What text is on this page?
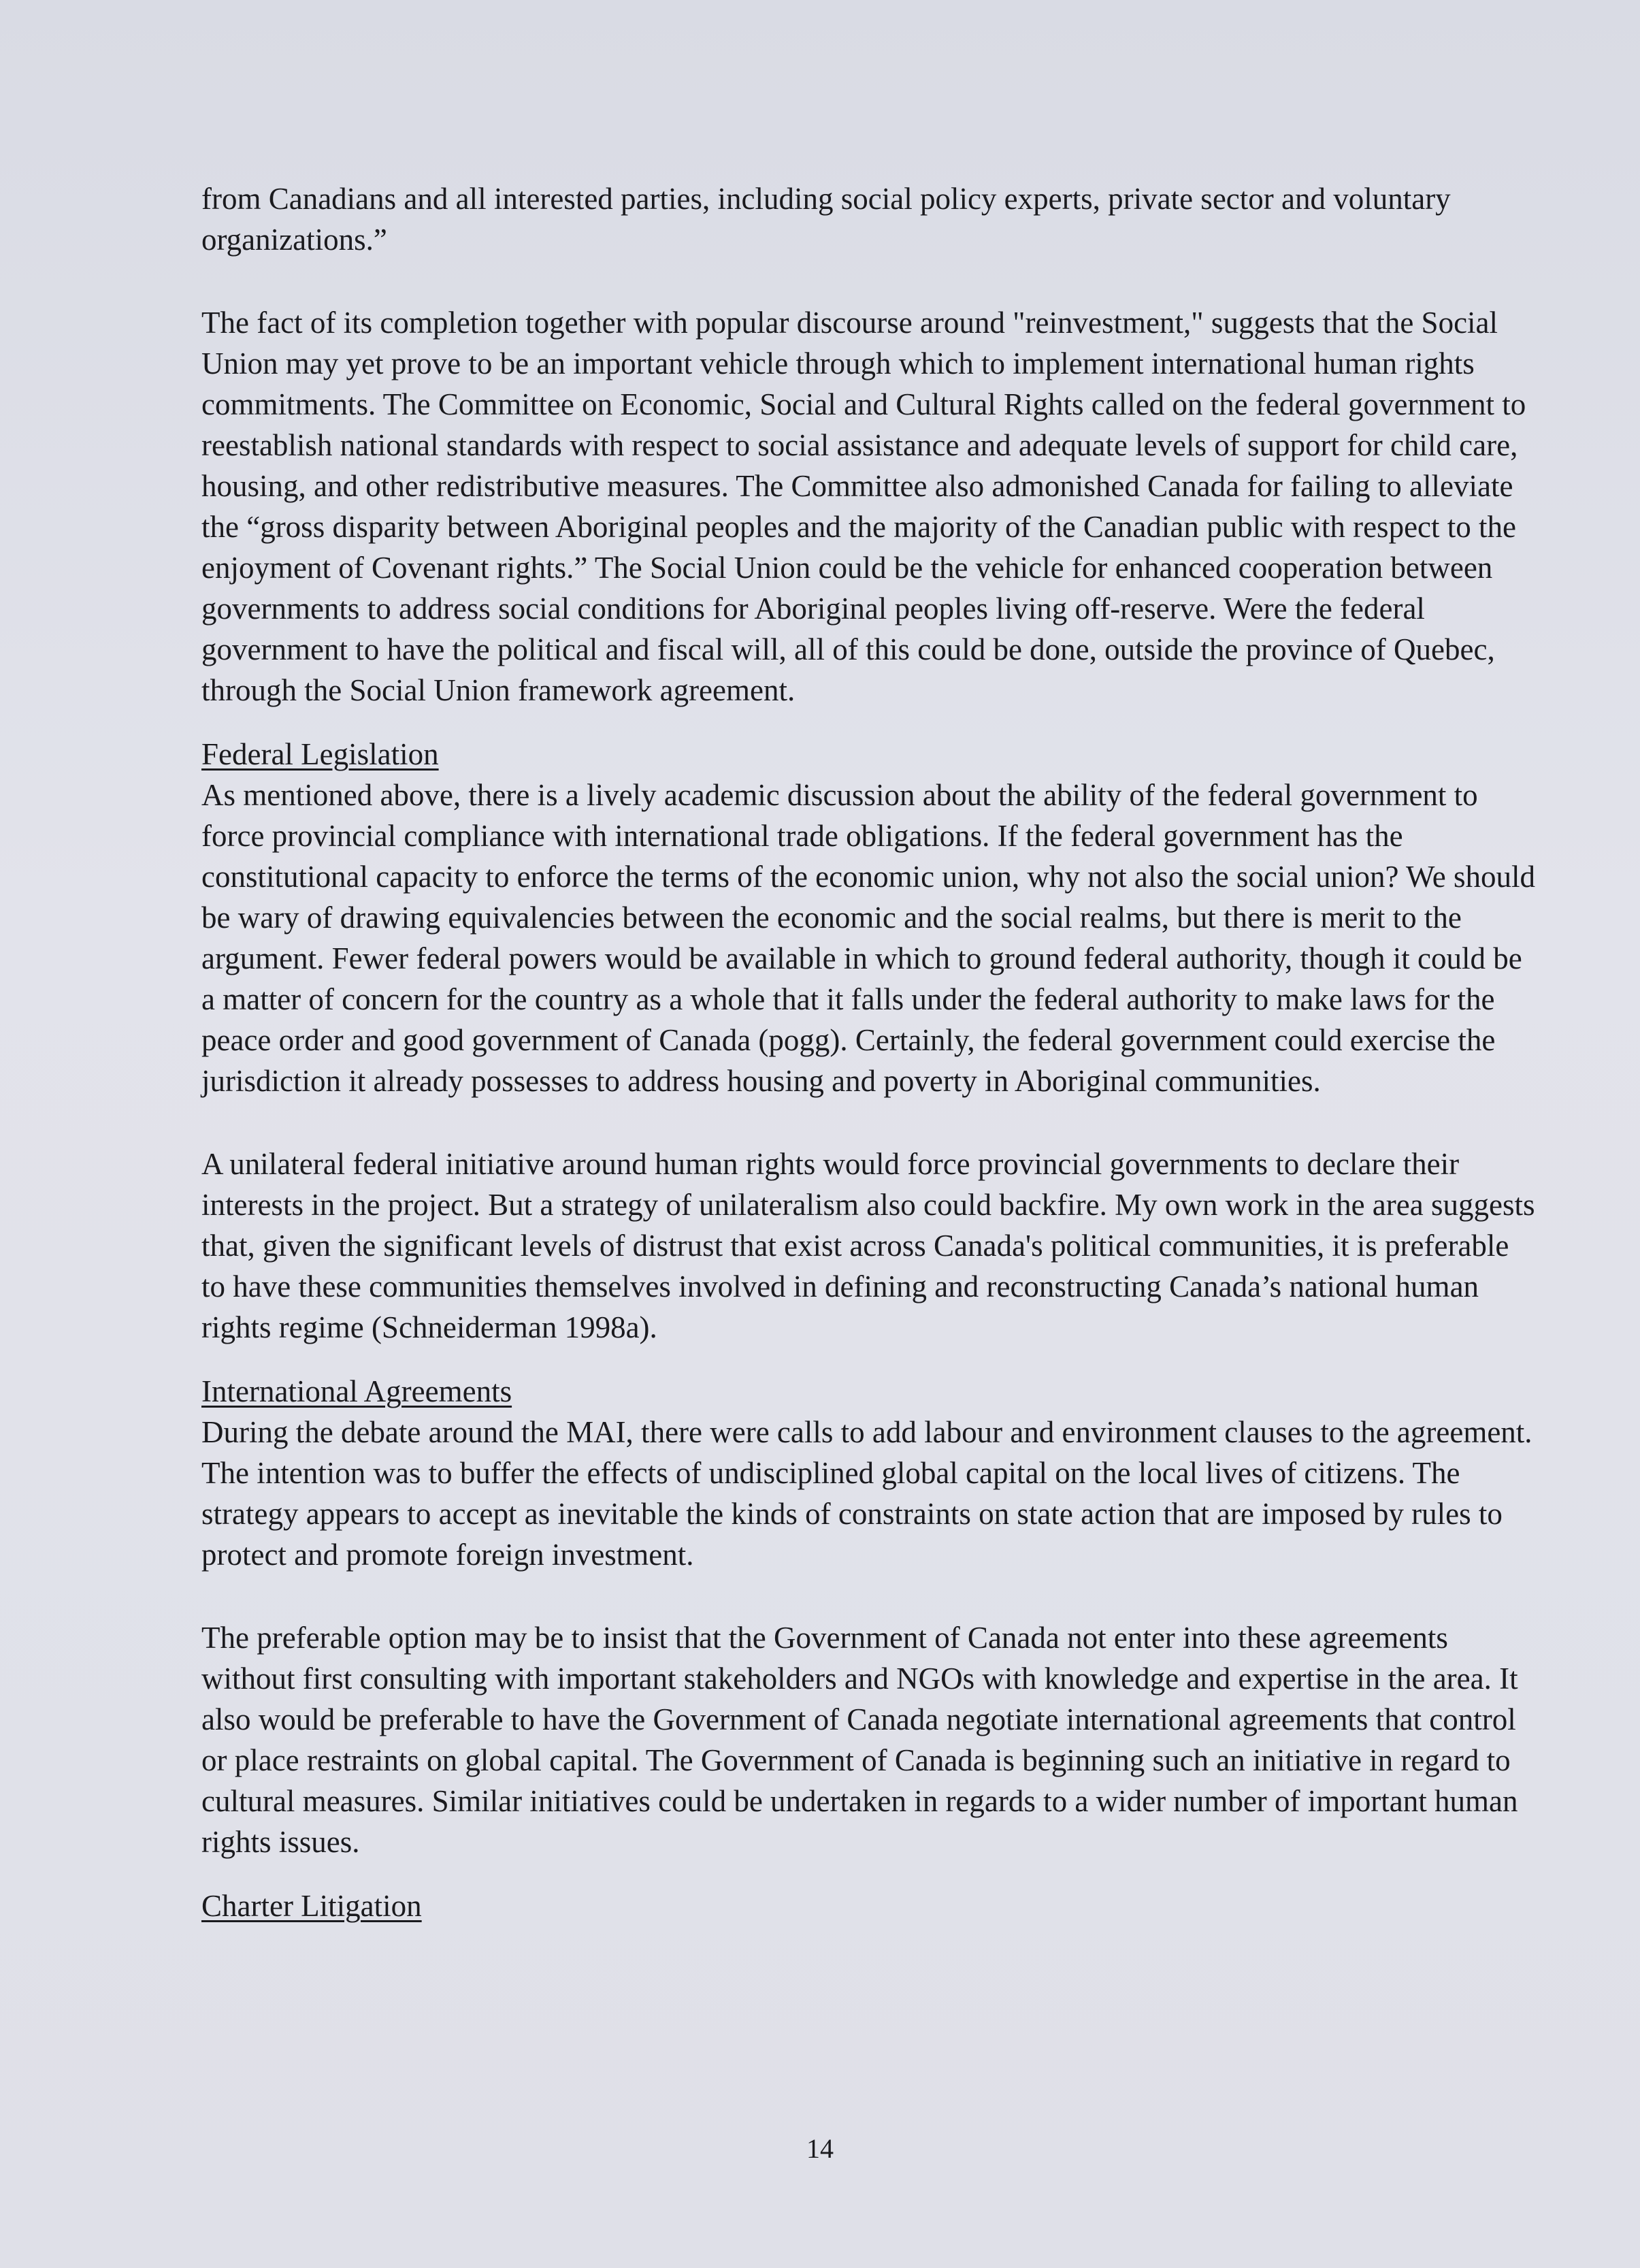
from Canadians and all interested parties, including social policy experts, private sector and voluntary organizations.”

The fact of its completion together with popular discourse around "reinvestment," suggests that the Social Union may yet prove to be an important vehicle through which to implement international human rights commitments. The Committee on Economic, Social and Cultural Rights called on the federal government to reestablish national standards with respect to social assistance and adequate levels of support for child care, housing, and other redistributive measures. The Committee also admonished Canada for failing to alleviate the “gross disparity between Aboriginal peoples and the majority of the Canadian public with respect to the enjoyment of Covenant rights.” The Social Union could be the vehicle for enhanced cooperation between governments to address social conditions for Aboriginal peoples living off-reserve. Were the federal government to have the political and fiscal will, all of this could be done, outside the province of Quebec, through the Social Union framework agreement.

Federal Legislation

As mentioned above, there is a lively academic discussion about the ability of the federal government to force provincial compliance with international trade obligations. If the federal government has the constitutional capacity to enforce the terms of the economic union, why not also the social union? We should be wary of drawing equivalencies between the economic and the social realms, but there is merit to the argument. Fewer federal powers would be available in which to ground federal authority, though it could be a matter of concern for the country as a whole that it falls under the federal authority to make laws for the peace order and good government of Canada (pogg). Certainly, the federal government could exercise the jurisdiction it already possesses to address housing and poverty in Aboriginal communities.

A unilateral federal initiative around human rights would force provincial governments to declare their interests in the project. But a strategy of unilateralism also could backfire. My own work in the area suggests that, given the significant levels of distrust that exist across Canada's political communities, it is preferable to have these communities themselves involved in defining and reconstructing Canada’s national human rights regime (Schneiderman 1998a).

International Agreements

During the debate around the MAI, there were calls to add labour and environment clauses to the agreement. The intention was to buffer the effects of undisciplined global capital on the local lives of citizens. The strategy appears to accept as inevitable the kinds of constraints on state action that are imposed by rules to protect and promote foreign investment.

The preferable option may be to insist that the Government of Canada not enter into these agreements without first consulting with important stakeholders and NGOs with knowledge and expertise in the area. It also would be preferable to have the Government of Canada negotiate international agreements that control or place restraints on global capital. The Government of Canada is beginning such an initiative in regard to cultural measures. Similar initiatives could be undertaken in regards to a wider number of important human rights issues.

Charter Litigation

14
